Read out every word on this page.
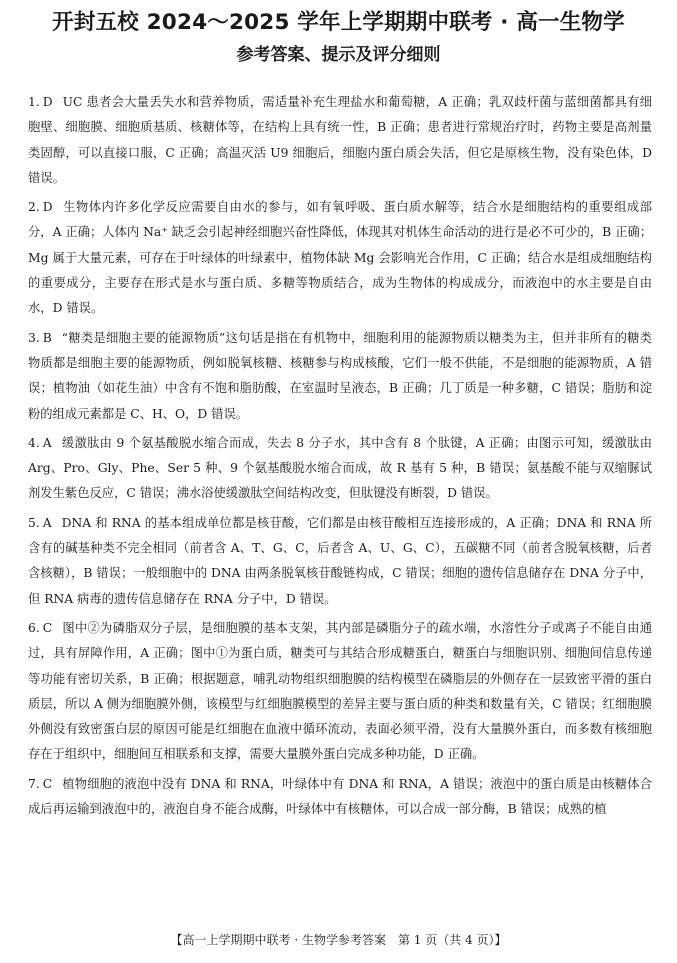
开封五校 2024～2025 学年上学期期中联考 · 高一生物学
参考答案、提示及评分细则

1. D UC 患者会大量丢失水和营养物质，需适量补充生理盐水和葡萄糖，A 正确；乳双歧杆菌与蓝细菌都具有细胞壁、细胞膜、细胞质基质、核糖体等，在结构上具有统一性，B 正确；患者进行常规治疗时，药物主要是高剂量类固醇，可以直接口服，C 正确；高温灭活 U9 细胞后，细胞内蛋白质会失活，但它是原核生物，没有染色体，D 错误。

2. D 生物体内许多化学反应需要自由水的参与，如有氧呼吸、蛋白质水解等，结合水是细胞结构的重要组成部分，A 正确；人体内 Na⁺ 缺乏会引起神经细胞兴奋性降低，体现其对机体生命活动的进行是必不可少的，B 正确；Mg 属于大量元素，可存在于叶绿体的叶绿素中，植物体缺 Mg 会影响光合作用，C 正确；结合水是组成细胞结构的重要成分，主要存在形式是水与蛋白质、多糖等物质结合，成为生物体的构成成分，而液泡中的水主要是自由水，D 错误。

3. B “糖类是细胞主要的能源物质”这句话是指在有机物中，细胞利用的能源物质以糖类为主，但并非所有的糖类物质都是细胞主要的能源物质，例如脱氧核糖、核糖参与构成核酸，它们一般不供能，不是细胞的能源物质，A 错误；植物油（如花生油）中含有不饱和脂肪酸，在室温时呈液态，B 正确；几丁质是一种多糖，C 错误；脂肪和淀粉的组成元素都是 C、H、O，D 错误。

4. A 缓激肽由 9 个氨基酸脱水缩合而成，失去 8 分子水，其中含有 8 个肽键，A 正确；由图示可知，缓激肽由 Arg、Pro、Gly、Phe、Ser 5 种、9 个氨基酸脱水缩合而成，故 R 基有 5 种，B 错误；氨基酸不能与双缩脲试剂发生紫色反应，C 错误；沸水浴使缓激肽空间结构改变，但肽键没有断裂，D 错误。

5. A DNA 和 RNA 的基本组成单位都是核苷酸，它们都是由核苷酸相互连接形成的，A 正确；DNA 和 RNA 所含有的碱基种类不完全相同（前者含 A、T、G、C，后者含 A、U、G、C），五碳糖不同（前者含脱氧核糖，后者含核糖），B 错误；一般细胞中的 DNA 由两条脱氧核苷酸链构成，C 错误；细胞的遗传信息储存在 DNA 分子中，但 RNA 病毒的遗传信息储存在 RNA 分子中，D 错误。

6. C 图中②为磷脂双分子层，是细胞膜的基本支架，其内部是磷脂分子的疏水端，水溶性分子或离子不能自由通过，具有屏障作用，A 正确；图中①为蛋白质，糖类可与其结合形成糖蛋白，糖蛋白与细胞识别、细胞间信息传递等功能有密切关系，B 正确；根据题意，哺乳动物组织细胞膜的结构模型在磷脂层的外侧存在一层致密平滑的蛋白质层，所以 A 侧为细胞膜外侧，该模型与红细胞膜模型的差异主要与蛋白质的种类和数量有关，C 错误；红细胞膜外侧没有致密蛋白层的原因可能是红细胞在血液中循环流动，表面必须平滑，没有大量膜外蛋白，而多数有核细胞存在于组织中，细胞间互相联系和支撑，需要大量膜外蛋白完成多种功能，D 正确。

7. C 植物细胞的液泡中没有 DNA 和 RNA，叶绿体中有 DNA 和 RNA，A 错误；液泡中的蛋白质是由核糖体合成后再运输到液泡中的，液泡自身不能合成酶，叶绿体中有核糖体，可以合成一部分酶，B 错误；成熟的植

【高一上学期期中联考 · 生物学参考答案　第 1 页（共 4 页）】
